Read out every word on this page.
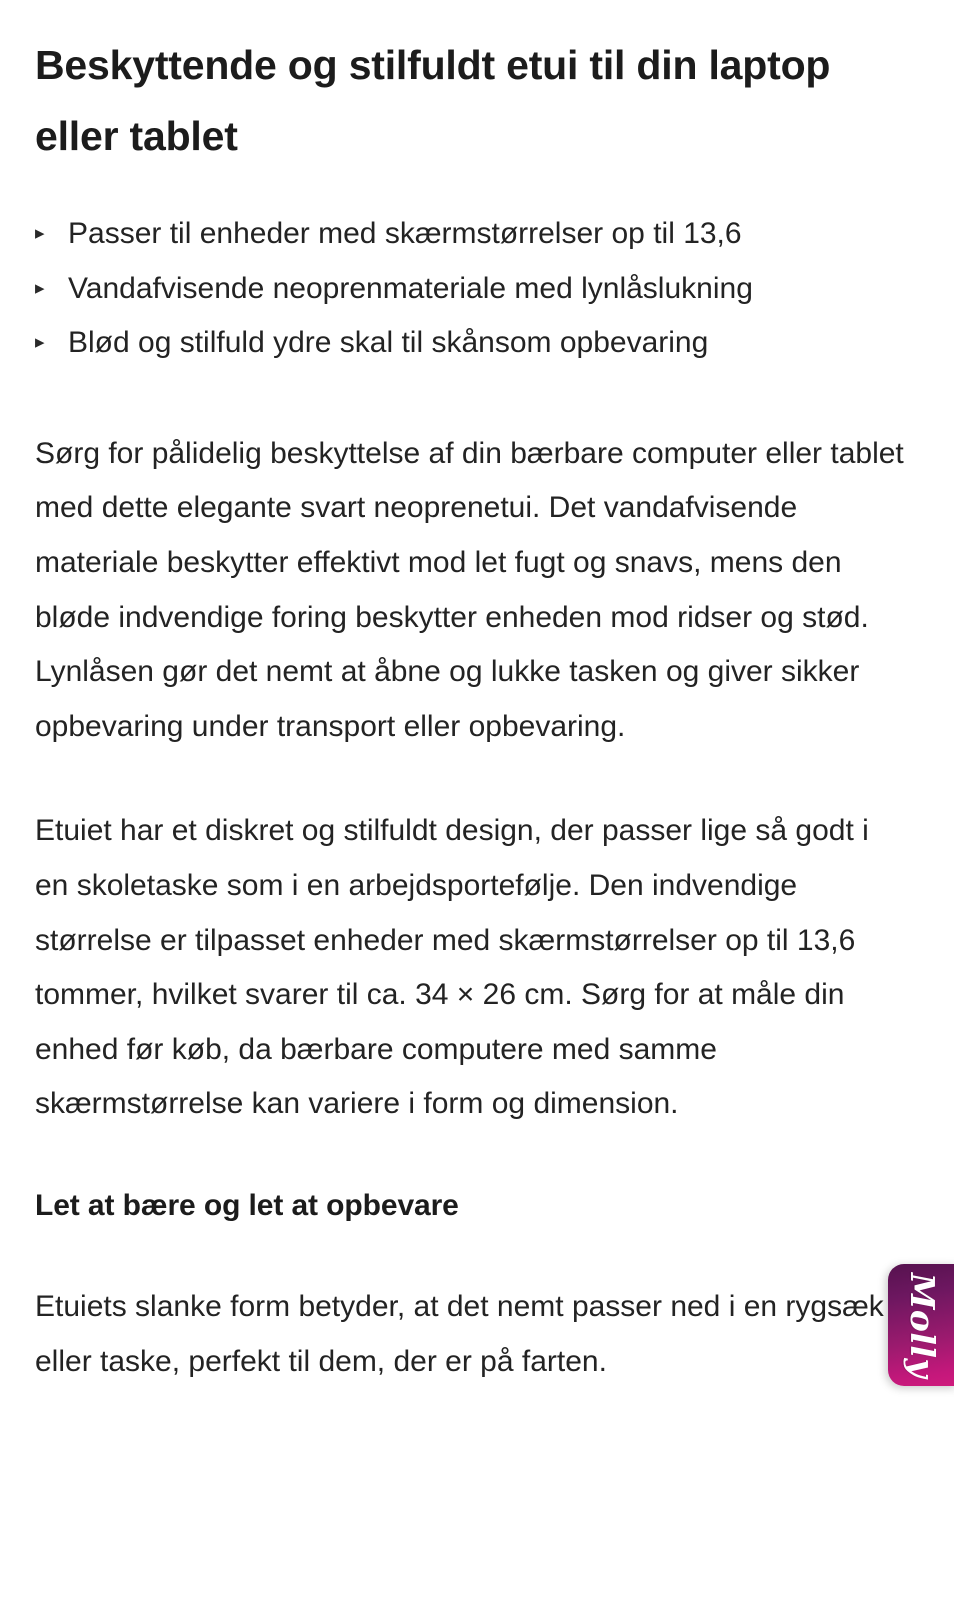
Beskyttende og stilfuldt etui til din laptop eller tablet
▸ Passer til enheder med skærmstørrelser op til 13,6
▸ Vandafvisende neoprenmateriale med lynlåslukning
▸ Blød og stilfuld ydre skal til skånsom opbevaring

Sørg for pålidelig beskyttelse af din bærbare computer eller tablet med dette elegante svart neoprenetui. Det vandafvisende materiale beskytter effektivt mod let fugt og snavs, mens den bløde indvendige foring beskytter enheden mod ridser og stød. Lynlåsen gør det nemt at åbne og lukke tasken og giver sikker opbevaring under transport eller opbevaring.

Etuiet har et diskret og stilfuldt design, der passer lige så godt i en skoletaske som i en arbejdsportefølje. Den indvendige størrelse er tilpasset enheder med skærmstørrelser op til 13,6 tommer, hvilket svarer til ca. 34 × 26 cm. Sørg for at måle din enhed før køb, da bærbare computere med samme skærmstørrelse kan variere i form og dimension.

Let at bære og let at opbevare

Etuiets slanke form betyder, at det nemt passer ned i en rygsæk eller taske, perfekt til dem, der er på farten.	Molly
